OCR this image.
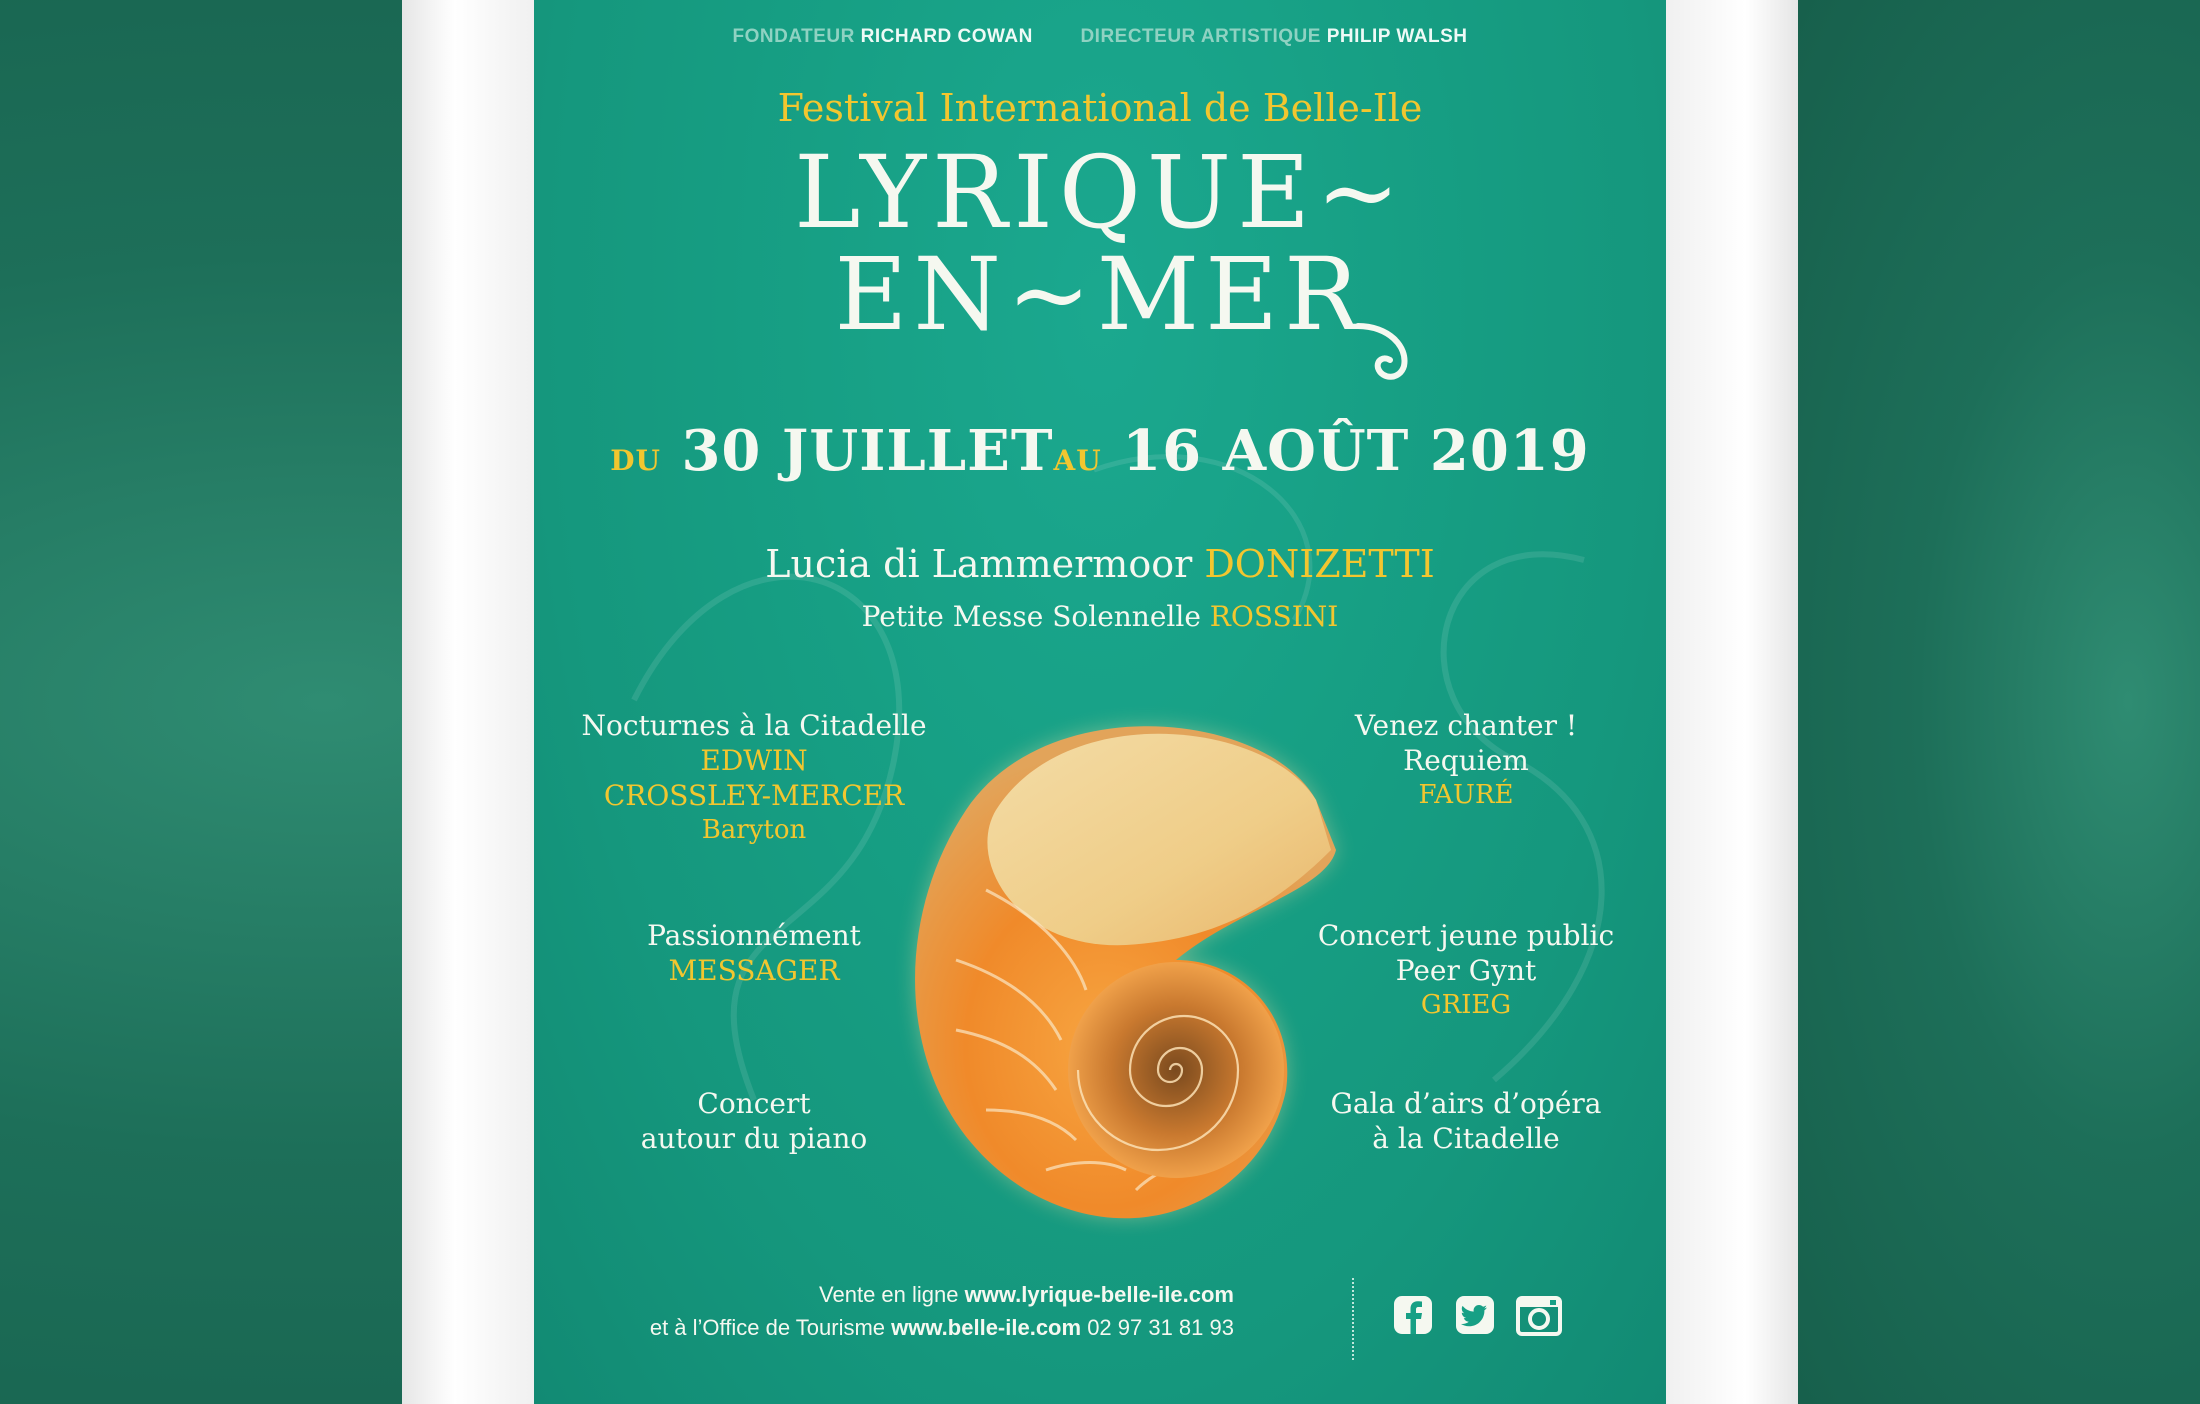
FONDATEUR RICHARD COWAN	DIRECTEUR ARTISTIQUE PHILIP WALSH
Festival International de Belle-Ile
LYRIQUE~
EN~MER
DU 30 JUILLETAU 16 AOÛT 2019
Lucia di Lammermoor DONIZETTI
Petite Messe Solennelle ROSSINI
Nocturnes à la Citadelle
EDWIN
CROSSLEY-MERCER
Baryton
Passionnément
MESSAGER
Concert
autour du piano
Venez chanter !
Requiem
FAURÉ
Concert jeune public
Peer Gynt
GRIEG
Gala d’airs d’opéra
à la Citadelle
Vente en ligne www.lyrique-belle-ile.com
et à l’Office de Tourisme www.belle-ile.com 02 97 31 81 93
